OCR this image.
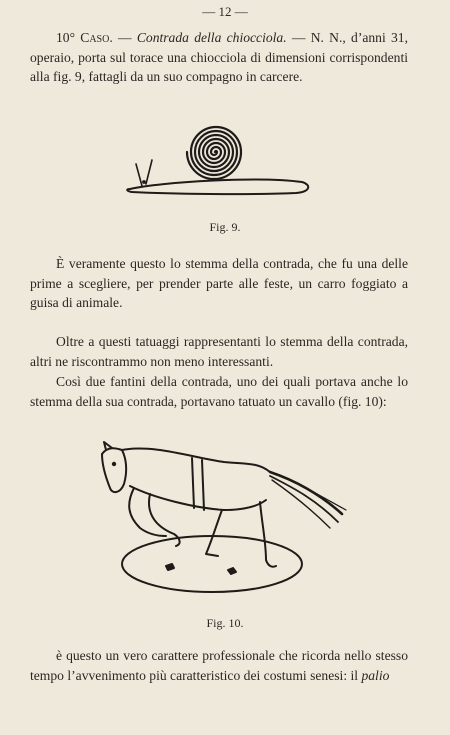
— 12 —
10° Caso. — Contrada della chiocciola. — N. N., d’anni 31, operaio, porta sul torace una chiocciola di dimensioni corrispondenti alla fig. 9, fattagli da un suo compagno in carcere.
Fig. 9.
È veramente questo lo stemma della contrada, che fu una delle prime a scegliere, per prender parte alle feste, un carro foggiato a guisa di animale.
Oltre a questi tatuaggi rappresentanti lo stemma della contrada, altri ne riscontrammo non meno interessanti.
Così due fantini della contrada, uno dei quali portava anche lo stemma della sua contrada, portavano tatuato un cavallo (fig. 10):
Fig. 10.
è questo un vero carattere professionale che ricorda nello stesso tempo l’avvenimento più caratteristico dei costumi senesi: il palio
